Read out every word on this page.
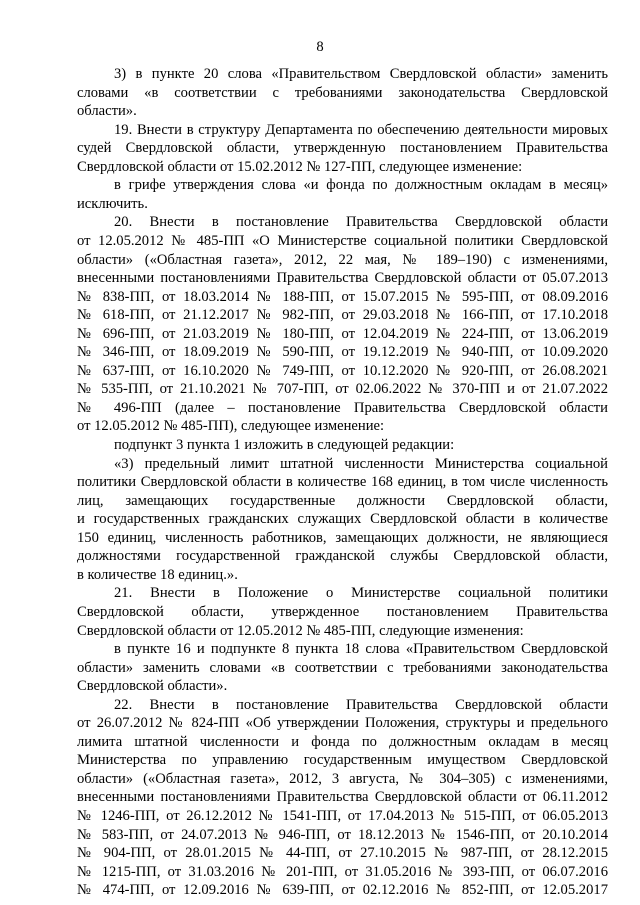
8
3) в пункте 20 слова «Правительством Свердловской области» заменить
словами «в соответствии с требованиями законодательства Свердловской
области».
19. Внести в структуру Департамента по обеспечению деятельности мировых
судей Свердловской области, утвержденную постановлением Правительства
Свердловской области от 15.02.2012 № 127-ПП, следующее изменение:
в грифе утверждения слова «и фонда по должностным окладам в месяц»
исключить.
20. Внести в постановление Правительства Свердловской области
от 12.05.2012 № 485-ПП «О Министерстве социальной политики Свердловской
области» («Областная газета», 2012, 22 мая, № 189–190) с изменениями,
внесенными постановлениями Правительства Свердловской области от 05.07.2013
№ 838-ПП, от 18.03.2014 № 188-ПП, от 15.07.2015 № 595-ПП, от 08.09.2016
№ 618-ПП, от 21.12.2017 № 982-ПП, от 29.03.2018 № 166-ПП, от 17.10.2018
№ 696-ПП, от 21.03.2019 № 180-ПП, от 12.04.2019 № 224-ПП, от 13.06.2019
№ 346-ПП, от 18.09.2019 № 590-ПП, от 19.12.2019 № 940-ПП, от 10.09.2020
№ 637-ПП, от 16.10.2020 № 749-ПП, от 10.12.2020 № 920-ПП, от 26.08.2021
№ 535-ПП, от 21.10.2021 № 707-ПП, от 02.06.2022 № 370-ПП и от 21.07.2022
№ 496-ПП (далее – постановление Правительства Свердловской области
от 12.05.2012 № 485-ПП), следующее изменение:
подпункт 3 пункта 1 изложить в следующей редакции:
«3) предельный лимит штатной численности Министерства социальной
политики Свердловской области в количестве 168 единиц, в том числе численность
лиц, замещающих государственные должности Свердловской области,
и государственных гражданских служащих Свердловской области в количестве
150 единиц, численность работников, замещающих должности, не являющиеся
должностями государственной гражданской службы Свердловской области,
в количестве 18 единиц.».
21. Внести в Положение о Министерстве социальной политики
Свердловской области, утвержденное постановлением Правительства
Свердловской области от 12.05.2012 № 485-ПП, следующие изменения:
в пункте 16 и подпункте 8 пункта 18 слова «Правительством Свердловской
области» заменить словами «в соответствии с требованиями законодательства
Свердловской области».
22. Внести в постановление Правительства Свердловской области
от 26.07.2012 № 824-ПП «Об утверждении Положения, структуры и предельного
лимита штатной численности и фонда по должностным окладам в месяц
Министерства по управлению государственным имуществом Свердловской
области» («Областная газета», 2012, 3 августа, № 304–305) с изменениями,
внесенными постановлениями Правительства Свердловской области от 06.11.2012
№ 1246-ПП, от 26.12.2012 № 1541-ПП, от 17.04.2013 № 515-ПП, от 06.05.2013
№ 583-ПП, от 24.07.2013 № 946-ПП, от 18.12.2013 № 1546-ПП, от 20.10.2014
№ 904-ПП, от 28.01.2015 № 44-ПП, от 27.10.2015 № 987-ПП, от 28.12.2015
№ 1215-ПП, от 31.03.2016 № 201-ПП, от 31.05.2016 № 393-ПП, от 06.07.2016
№ 474-ПП, от 12.09.2016 № 639-ПП, от 02.12.2016 № 852-ПП, от 12.05.2017
